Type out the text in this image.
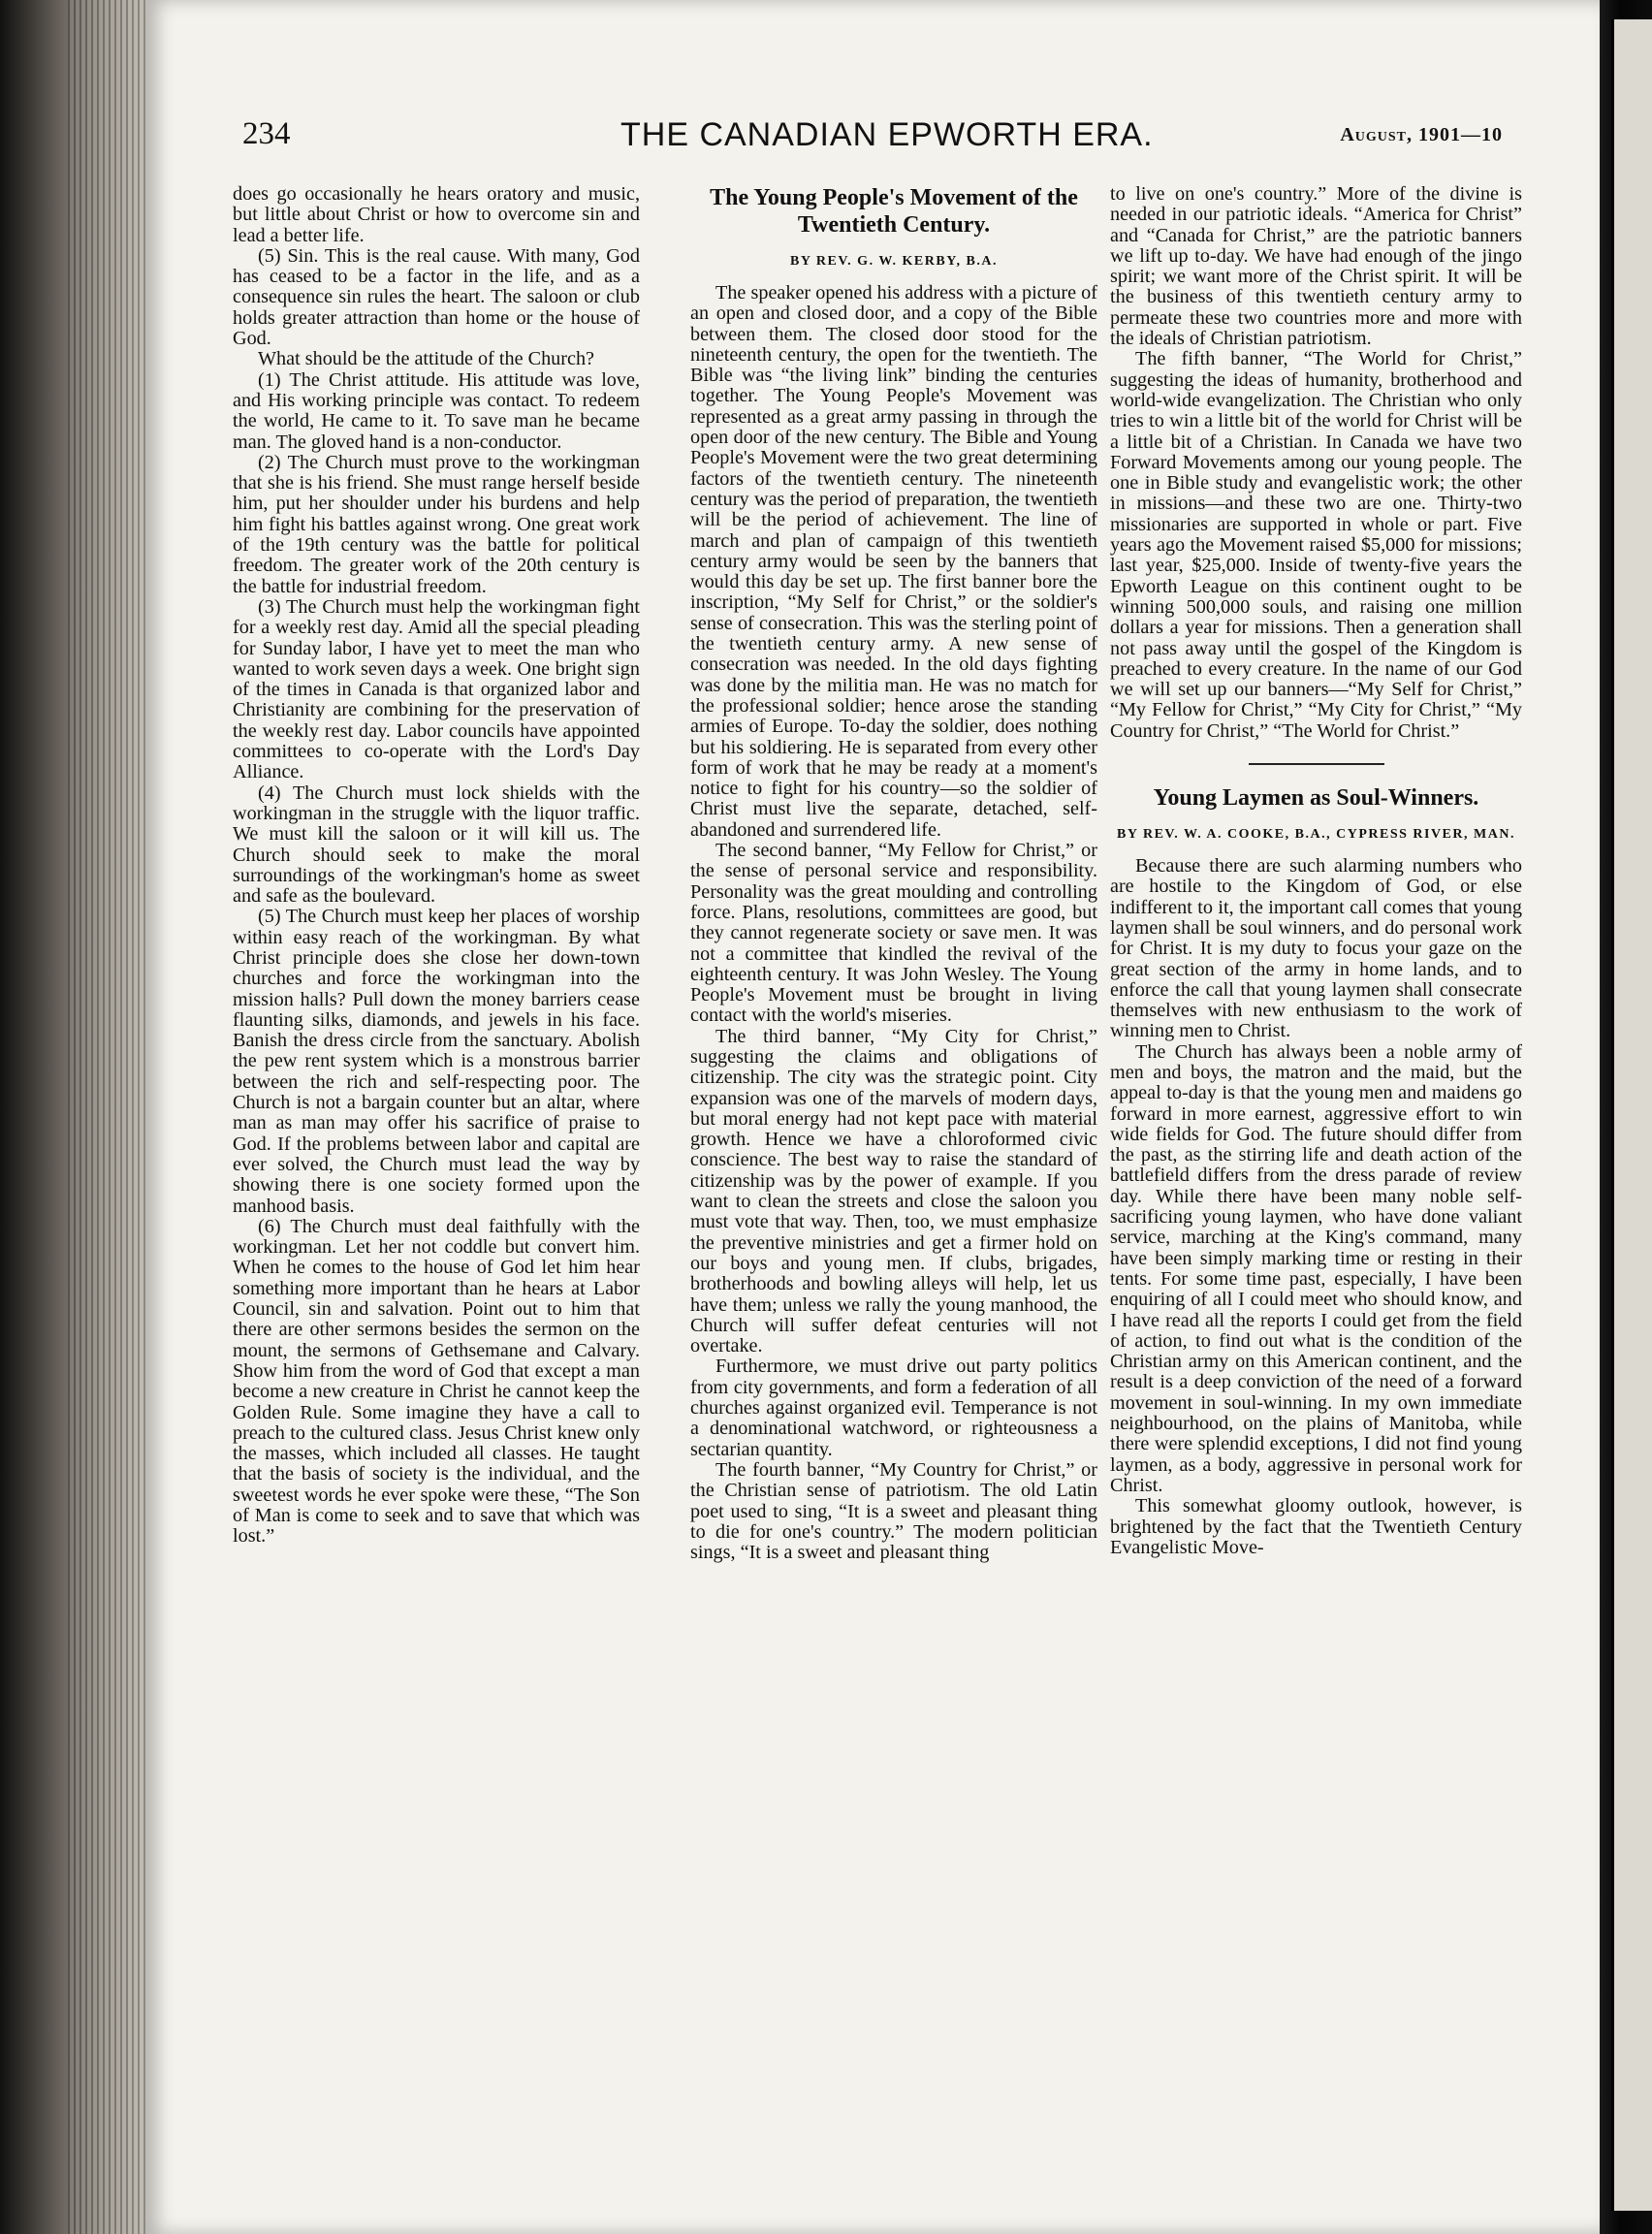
234	THE CANADIAN EPWORTH ERA.	August, 1901—10

does go occasionally he hears oratory and music, but little about Christ or how to overcome sin and lead a better life.

(5) Sin. This is the real cause. With many, God has ceased to be a factor in the life, and as a consequence sin rules the heart. The saloon or club holds greater attraction than home or the house of God.

What should be the attitude of the Church?

(1) The Christ attitude. His attitude was love, and His working principle was contact. To redeem the world, He came to it. To save man he became man. The gloved hand is a non-conductor.

(2) The Church must prove to the workingman that she is his friend. She must range herself beside him, put her shoulder under his burdens and help him fight his battles against wrong. One great work of the 19th century was the battle for political freedom. The greater work of the 20th century is the battle for industrial freedom.

(3) The Church must help the workingman fight for a weekly rest day. Amid all the special pleading for Sunday labor, I have yet to meet the man who wanted to work seven days a week. One bright sign of the times in Canada is that organized labor and Christianity are combining for the preservation of the weekly rest day. Labor councils have appointed committees to co-operate with the Lord's Day Alliance.

(4) The Church must lock shields with the workingman in the struggle with the liquor traffic. We must kill the saloon or it will kill us. The Church should seek to make the moral surroundings of the workingman's home as sweet and safe as the boulevard.

(5) The Church must keep her places of worship within easy reach of the workingman. By what Christ principle does she close her down-town churches and force the workingman into the mission halls? Pull down the money barriers cease flaunting silks, diamonds, and jewels in his face. Banish the dress circle from the sanctuary. Abolish the pew rent system which is a monstrous barrier between the rich and self-respecting poor. The Church is not a bargain counter but an altar, where man as man may offer his sacrifice of praise to God. If the problems between labor and capital are ever solved, the Church must lead the way by showing there is one society formed upon the manhood basis.

(6) The Church must deal faithfully with the workingman. Let her not coddle but convert him. When he comes to the house of God let him hear something more important than he hears at Labor Council, sin and salvation. Point out to him that there are other sermons besides the sermon on the mount, the sermons of Gethsemane and Calvary. Show him from the word of God that except a man become a new creature in Christ he cannot keep the Golden Rule. Some imagine they have a call to preach to the cultured class. Jesus Christ knew only the masses, which included all classes. He taught that the basis of society is the individual, and the sweetest words he ever spoke were these, “The Son of Man is come to seek and to save that which was lost.”

The Young People's Movement of the Twentieth Century.
BY REV. G. W. KERBY, B.A.

The speaker opened his address with a picture of an open and closed door, and a copy of the Bible between them. The closed door stood for the nineteenth century, the open for the twentieth. The Bible was “the living link” binding the centuries together. The Young People's Movement was represented as a great army passing in through the open door of the new century. The Bible and Young People's Movement were the two great determining factors of the twentieth century. The nineteenth century was the period of preparation, the twentieth will be the period of achievement. The line of march and plan of campaign of this twentieth century army would be seen by the banners that would this day be set up. The first banner bore the inscription, “My Self for Christ,” or the soldier's sense of consecration. This was the sterling point of the twentieth century army. A new sense of consecration was needed. In the old days fighting was done by the militia man. He was no match for the professional soldier; hence arose the standing armies of Europe. To-day the soldier, does nothing but his soldiering. He is separated from every other form of work that he may be ready at a moment's notice to fight for his country—so the soldier of Christ must live the separate, detached, self-abandoned and surrendered life.

The second banner, “My Fellow for Christ,” or the sense of personal service and responsibility. Personality was the great moulding and controlling force. Plans, resolutions, committees are good, but they cannot regenerate society or save men. It was not a committee that kindled the revival of the eighteenth century. It was John Wesley. The Young People's Movement must be brought in living contact with the world's miseries.

The third banner, “My City for Christ,” suggesting the claims and obligations of citizenship. The city was the strategic point. City expansion was one of the marvels of modern days, but moral energy had not kept pace with material growth. Hence we have a chloroformed civic conscience. The best way to raise the standard of citizenship was by the power of example. If you want to clean the streets and close the saloon you must vote that way. Then, too, we must emphasize the preventive ministries and get a firmer hold on our boys and young men. If clubs, brigades, brotherhoods and bowling alleys will help, let us have them; unless we rally the young manhood, the Church will suffer defeat centuries will not overtake.

Furthermore, we must drive out party politics from city governments, and form a federation of all churches against organized evil. Temperance is not a denominational watchword, or righteousness a sectarian quantity.

The fourth banner, “My Country for Christ,” or the Christian sense of patriotism. The old Latin poet used to sing, “It is a sweet and pleasant thing to die for one's country.” The modern politician sings, “It is a sweet and pleasant thing

to live on one's country.” More of the divine is needed in our patriotic ideals. “America for Christ” and “Canada for Christ,” are the patriotic banners we lift up to-day. We have had enough of the jingo spirit; we want more of the Christ spirit. It will be the business of this twentieth century army to permeate these two countries more and more with the ideals of Christian patriotism.

The fifth banner, “The World for Christ,” suggesting the ideas of humanity, brotherhood and world-wide evangelization. The Christian who only tries to win a little bit of the world for Christ will be a little bit of a Christian. In Canada we have two Forward Movements among our young people. The one in Bible study and evangelistic work; the other in missions—and these two are one. Thirty-two missionaries are supported in whole or part. Five years ago the Movement raised $5,000 for missions; last year, $25,000. Inside of twenty-five years the Epworth League on this continent ought to be winning 500,000 souls, and raising one million dollars a year for missions. Then a generation shall not pass away until the gospel of the Kingdom is preached to every creature. In the name of our God we will set up our banners—“My Self for Christ,” “My Fellow for Christ,” “My City for Christ,” “My Country for Christ,” “The World for Christ.”

Young Laymen as Soul-Winners.
BY REV. W. A. COOKE, B.A., CYPRESS RIVER, MAN.

Because there are such alarming numbers who are hostile to the Kingdom of God, or else indifferent to it, the important call comes that young laymen shall be soul winners, and do personal work for Christ. It is my duty to focus your gaze on the great section of the army in home lands, and to enforce the call that young laymen shall consecrate themselves with new enthusiasm to the work of winning men to Christ.

The Church has always been a noble army of men and boys, the matron and the maid, but the appeal to-day is that the young men and maidens go forward in more earnest, aggressive effort to win wide fields for God. The future should differ from the past, as the stirring life and death action of the battlefield differs from the dress parade of review day. While there have been many noble self-sacrificing young laymen, who have done valiant service, marching at the King's command, many have been simply marking time or resting in their tents. For some time past, especially, I have been enquiring of all I could meet who should know, and I have read all the reports I could get from the field of action, to find out what is the condition of the Christian army on this American continent, and the result is a deep conviction of the need of a forward movement in soul-winning. In my own immediate neighbourhood, on the plains of Manitoba, while there were splendid exceptions, I did not find young laymen, as a body, aggressive in personal work for Christ.

This somewhat gloomy outlook, however, is brightened by the fact that the Twentieth Century Evangelistic Move-
